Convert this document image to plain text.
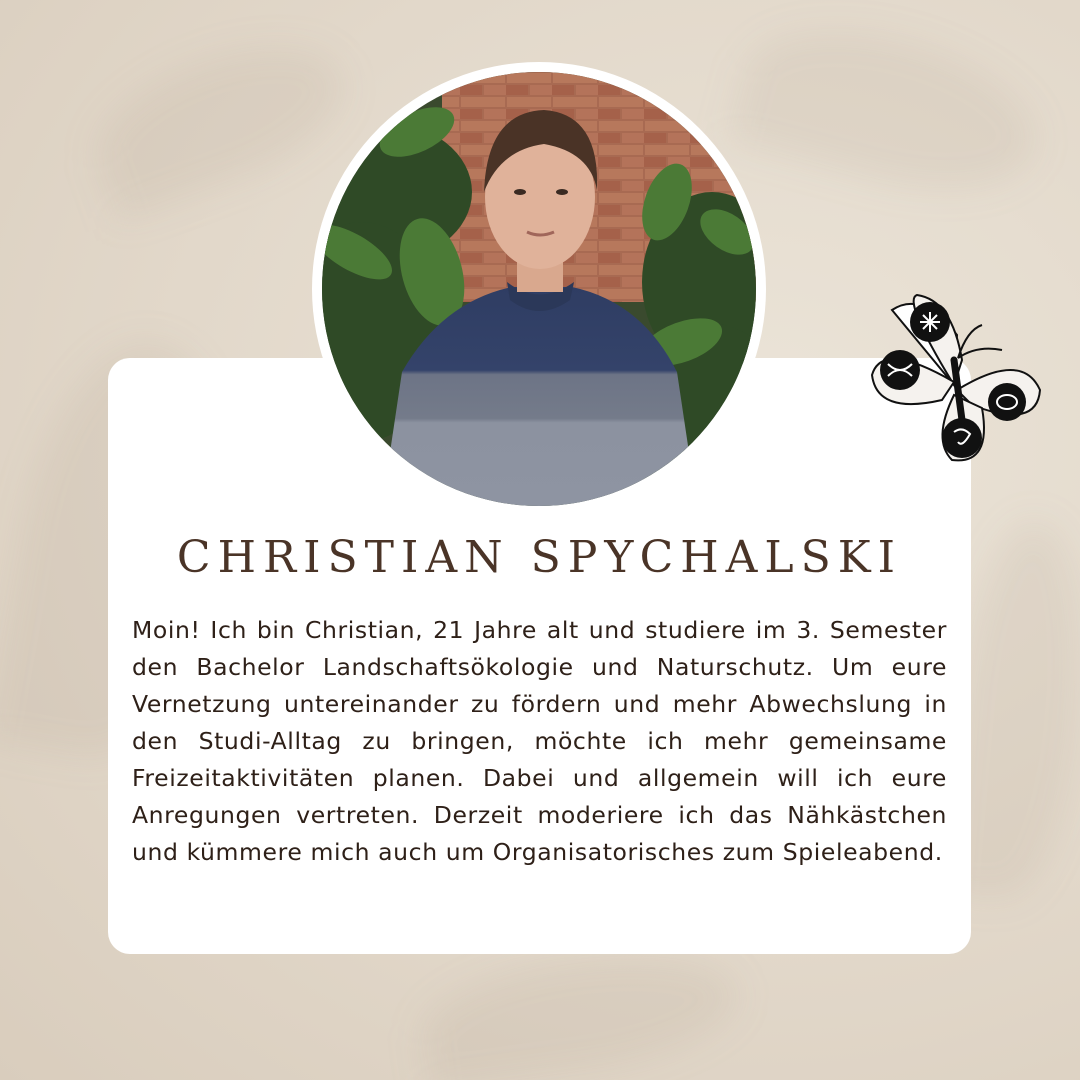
CHRISTIAN SPYCHALSKI
Moin! Ich bin Christian, 21 Jahre alt und studiere im 3. Semester den Bachelor Landschaftsökologie und Naturschutz. Um eure Vernetzung untereinander zu fördern und mehr Abwechslung in den Studi-Alltag zu bringen, möchte ich mehr gemeinsame Freizeitaktivitäten planen. Dabei und allgemein will ich eure Anregungen vertreten. Derzeit moderiere ich das Nähkästchen und kümmere mich auch um Organisatorisches zum Spieleabend.
